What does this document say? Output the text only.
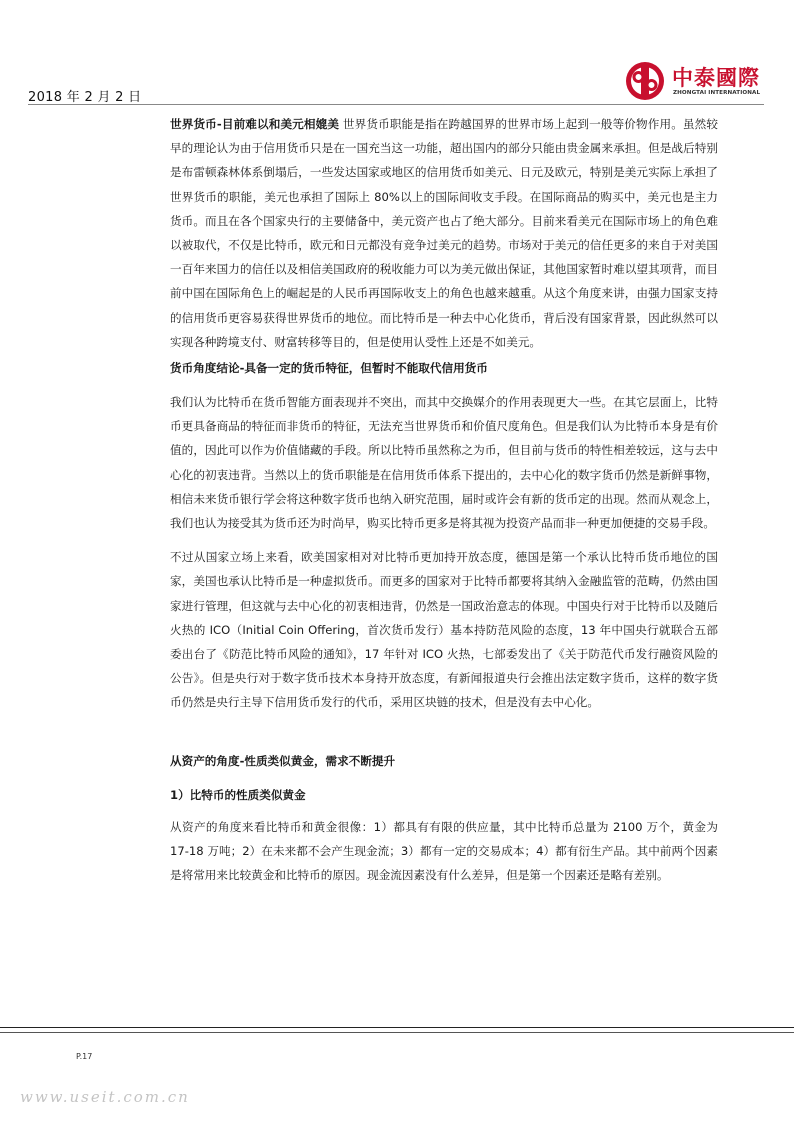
2018 年 2 月 2 日
中泰國際
ZHONGTAI INTERNATIONAL

世界货币-目前难以和美元相媲美 世界货币职能是指在跨越国界的世界市场上起到一般等价物作用。虽然较早的理论认为由于信用货币只是在一国充当这一功能，超出国内的部分只能由贵金属来承担。但是战后特别是布雷顿森林体系倒塌后，一些发达国家或地区的信用货币如美元、日元及欧元，特别是美元实际上承担了世界货币的职能，美元也承担了国际上 80%以上的国际间收支手段。在国际商品的购买中，美元也是主力货币。而且在各个国家央行的主要储备中，美元资产也占了绝大部分。目前来看美元在国际市场上的角色难以被取代，不仅是比特币，欧元和日元都没有竞争过美元的趋势。市场对于美元的信任更多的来自于对美国一百年来国力的信任以及相信美国政府的税收能力可以为美元做出保证，其他国家暂时难以望其项背，而目前中国在国际角色上的崛起是的人民币再国际收支上的角色也越来越重。从这个角度来讲，由强力国家支持的信用货币更容易获得世界货币的地位。而比特币是一种去中心化货币，背后没有国家背景，因此纵然可以实现各种跨境支付、财富转移等目的，但是使用认受性上还是不如美元。

货币角度结论-具备一定的货币特征，但暂时不能取代信用货币

我们认为比特币在货币智能方面表现并不突出，而其中交换媒介的作用表现更大一些。在其它层面上，比特币更具备商品的特征而非货币的特征，无法充当世界货币和价值尺度角色。但是我们认为比特币本身是有价值的，因此可以作为价值储藏的手段。所以比特币虽然称之为币，但目前与货币的特性相差较远，这与去中心化的初衷违背。当然以上的货币职能是在信用货币体系下提出的，去中心化的数字货币仍然是新鲜事物，相信未来货币银行学会将这种数字货币也纳入研究范围，届时或许会有新的货币定的出现。然而从观念上，我们也认为接受其为货币还为时尚早，购买比特币更多是将其视为投资产品而非一种更加便捷的交易手段。

不过从国家立场上来看，欧美国家相对对比特币更加持开放态度，德国是第一个承认比特币货币地位的国家，美国也承认比特币是一种虚拟货币。而更多的国家对于比特币都要将其纳入金融监管的范畴，仍然由国家进行管理，但这就与去中心化的初衷相违背，仍然是一国政治意志的体现。中国央行对于比特币以及随后火热的 ICO（Initial Coin Offering，首次货币发行）基本持防范风险的态度，13 年中国央行就联合五部委出台了《防范比特币风险的通知》，17 年针对 ICO 火热，七部委发出了《关于防范代币发行融资风险的公告》。但是央行对于数字货币技术本身持开放态度，有新闻报道央行会推出法定数字货币，这样的数字货币仍然是央行主导下信用货币发行的代币，采用区块链的技术，但是没有去中心化。

从资产的角度-性质类似黄金，需求不断提升

1）比特币的性质类似黄金

从资产的角度来看比特币和黄金很像：1）都具有有限的供应量，其中比特币总量为 2100 万个，黄金为17-18 万吨；2）在未来都不会产生现金流；3）都有一定的交易成本；4）都有衍生产品。其中前两个因素是将常用来比较黄金和比特币的原因。现金流因素没有什么差异，但是第一个因素还是略有差别。

P.17
www.useit.com.cn
